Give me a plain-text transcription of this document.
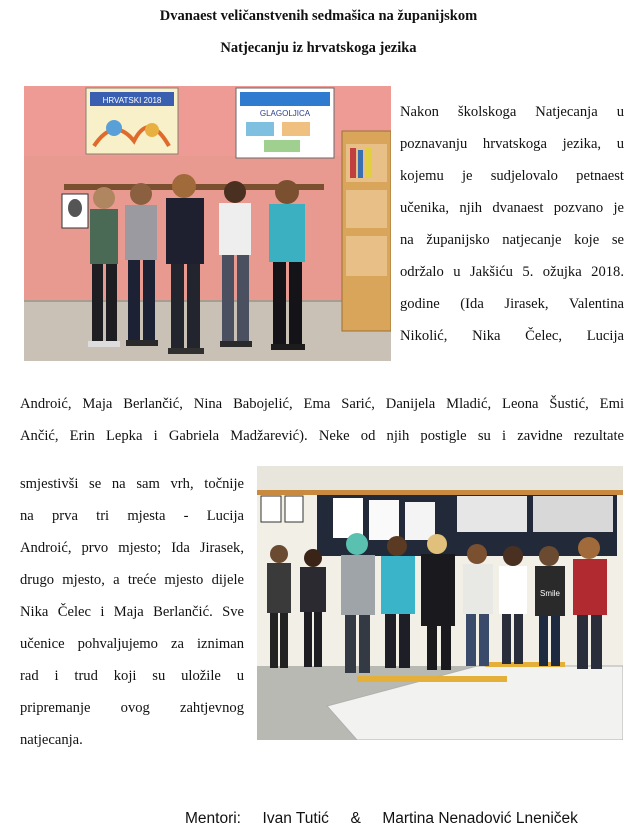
Dvanaest veličanstvenih sedmašica na županijskom
Natjecanju iz hrvatskoga jezika
HRVATSKI 2018
GLAGOLJICA	Nakon školskoga Natjecanja u
poznavanju hrvatskoga jezika, u
kojemu je sudjelovalo petnaest
učenika, njih dvanaest pozvano je
na županijsko natjecanje koje se
održalo u Jakšiću 5. ožujka 2018.
godine (Ida Jirasek, Valentina
Nikolić, Nika Čelec, Lucija
Androić, Maja Berlančić, Nina Babojelić, Ema Sarić, Danijela Mladić, Leona Šustić, Emi
Ančić, Erin Lepka i Gabriela Madžarević). Neke od njih postigle su i zavidne rezultate
smjestivši se na sam vrh, točnije
na prva tri mjesta - Lucija
Androić, prvo mjesto; Ida Jirasek,
drugo mjesto, a treće mjesto dijele
Nika Čelec i Maja Berlančić. Sve
učenice pohvaljujemo za izniman
rad i trud koji su uložile u
pripremanje ovog zahtjevnog
natjecanja.
Smile
Mentori: Ivan Tutić & Martina Nenadović Lneniček
